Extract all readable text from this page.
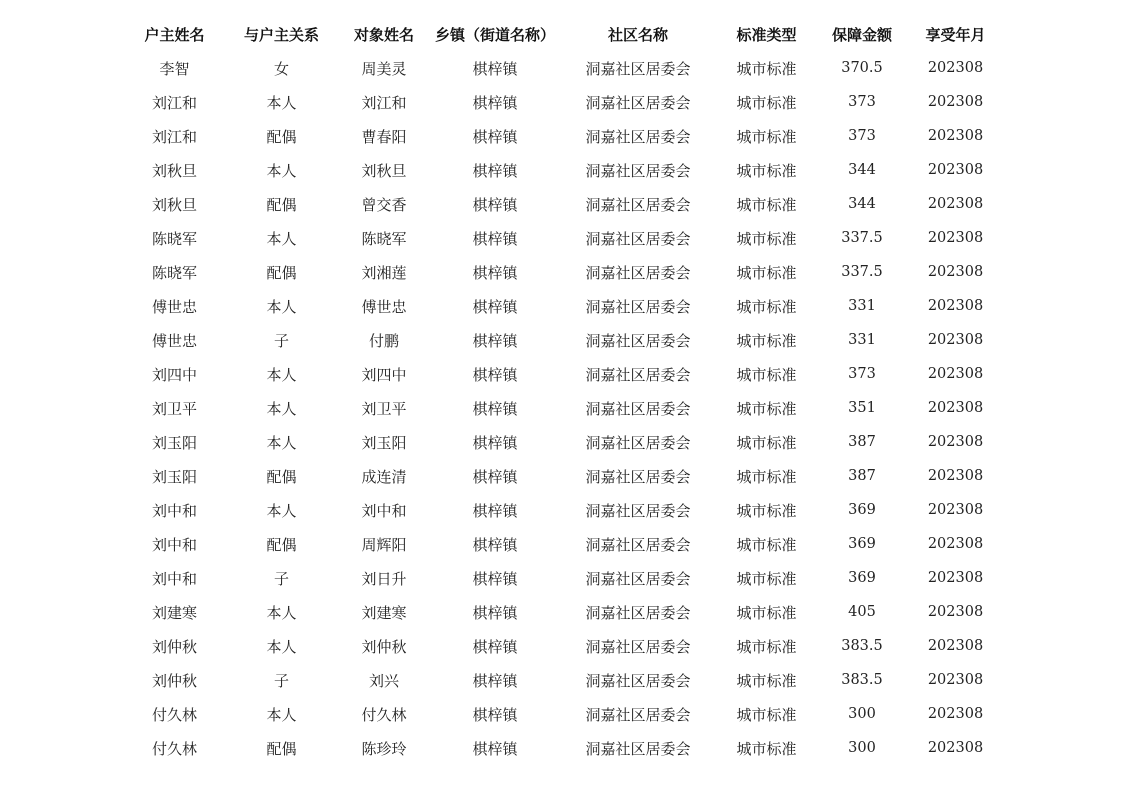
户主姓名	与户主关系	对象姓名	乡镇（街道名称）	社区名称	标准类型	保障金额	享受年月
李智	女	周美灵	棋梓镇	洞嘉社区居委会	城市标准	370.5	202308
刘江和	本人	刘江和	棋梓镇	洞嘉社区居委会	城市标准	373	202308
刘江和	配偶	曹春阳	棋梓镇	洞嘉社区居委会	城市标准	373	202308
刘秋旦	本人	刘秋旦	棋梓镇	洞嘉社区居委会	城市标准	344	202308
刘秋旦	配偶	曾交香	棋梓镇	洞嘉社区居委会	城市标准	344	202308
陈晓军	本人	陈晓军	棋梓镇	洞嘉社区居委会	城市标准	337.5	202308
陈晓军	配偶	刘湘莲	棋梓镇	洞嘉社区居委会	城市标准	337.5	202308
傅世忠	本人	傅世忠	棋梓镇	洞嘉社区居委会	城市标准	331	202308
傅世忠	子	付鹏	棋梓镇	洞嘉社区居委会	城市标准	331	202308
刘四中	本人	刘四中	棋梓镇	洞嘉社区居委会	城市标准	373	202308
刘卫平	本人	刘卫平	棋梓镇	洞嘉社区居委会	城市标准	351	202308
刘玉阳	本人	刘玉阳	棋梓镇	洞嘉社区居委会	城市标准	387	202308
刘玉阳	配偶	成连清	棋梓镇	洞嘉社区居委会	城市标准	387	202308
刘中和	本人	刘中和	棋梓镇	洞嘉社区居委会	城市标准	369	202308
刘中和	配偶	周辉阳	棋梓镇	洞嘉社区居委会	城市标准	369	202308
刘中和	子	刘日升	棋梓镇	洞嘉社区居委会	城市标准	369	202308
刘建寒	本人	刘建寒	棋梓镇	洞嘉社区居委会	城市标准	405	202308
刘仲秋	本人	刘仲秋	棋梓镇	洞嘉社区居委会	城市标准	383.5	202308
刘仲秋	子	刘兴	棋梓镇	洞嘉社区居委会	城市标准	383.5	202308
付久林	本人	付久林	棋梓镇	洞嘉社区居委会	城市标准	300	202308
付久林	配偶	陈珍玲	棋梓镇	洞嘉社区居委会	城市标准	300	202308
